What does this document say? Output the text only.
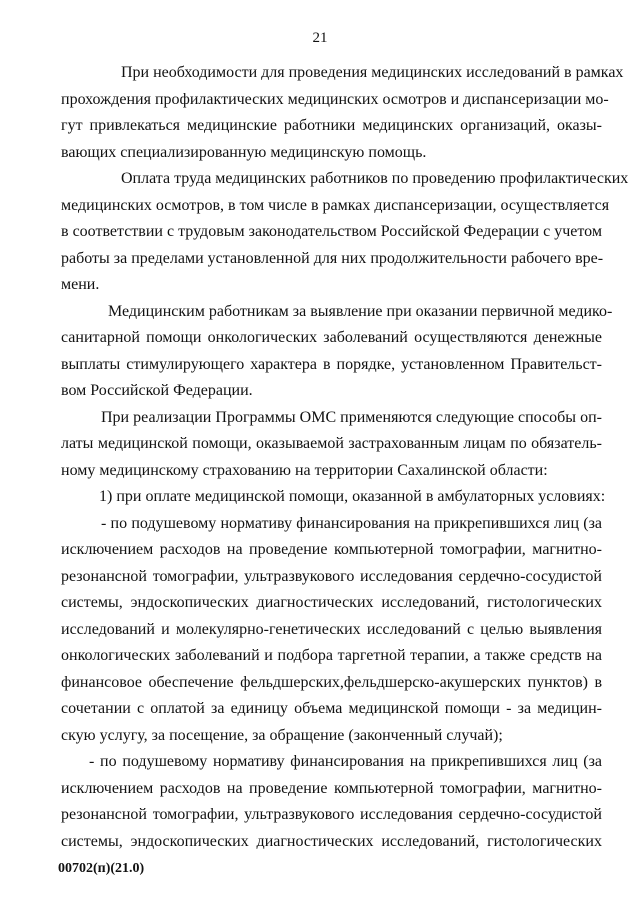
21
При необходимости для проведения медицинских исследований в рамках
прохождения профилактических медицинских осмотров и диспансеризации мо-
гут привлекаться медицинские работники медицинских организаций, оказы-
вающих специализированную медицинскую помощь.
Оплата труда медицинских работников по проведению профилактических
медицинских осмотров, в том числе в рамках диспансеризации, осуществляется
в соответствии с трудовым законодательством Российской Федерации с учетом
работы за пределами установленной для них продолжительности рабочего вре-
мени.
Медицинским работникам за выявление при оказании первичной медико-
санитарной помощи онкологических заболеваний осуществляются денежные
выплаты стимулирующего характера в порядке, установленном Правительст-
вом Российской Федерации.
При реализации Программы ОМС применяются следующие способы оп-
латы медицинской помощи, оказываемой застрахованным лицам по обязатель-
ному медицинскому страхованию на территории Сахалинской области:
1) при оплате медицинской помощи, оказанной в амбулаторных условиях:
- по подушевому нормативу финансирования на прикрепившихся лиц (за
исключением расходов на проведение компьютерной томографии, магнитно-
резонансной томографии, ультразвукового исследования сердечно-сосудистой
системы, эндоскопических диагностических исследований, гистологических
исследований и молекулярно-генетических исследований с целью выявления
онкологических заболеваний и подбора таргетной терапии, а также средств на
финансовое обеспечение фельдшерских,фельдшерско-акушерских пунктов) в
сочетании с оплатой за единицу объема медицинской помощи - за медицин-
скую услугу, за посещение, за обращение (законченный случай);
- по подушевому нормативу финансирования на прикрепившихся лиц (за
исключением расходов на проведение компьютерной томографии, магнитно-
резонансной томографии, ультразвукового исследования сердечно-сосудистой
системы, эндоскопических диагностических исследований, гистологических
00702(п)(21.0)
